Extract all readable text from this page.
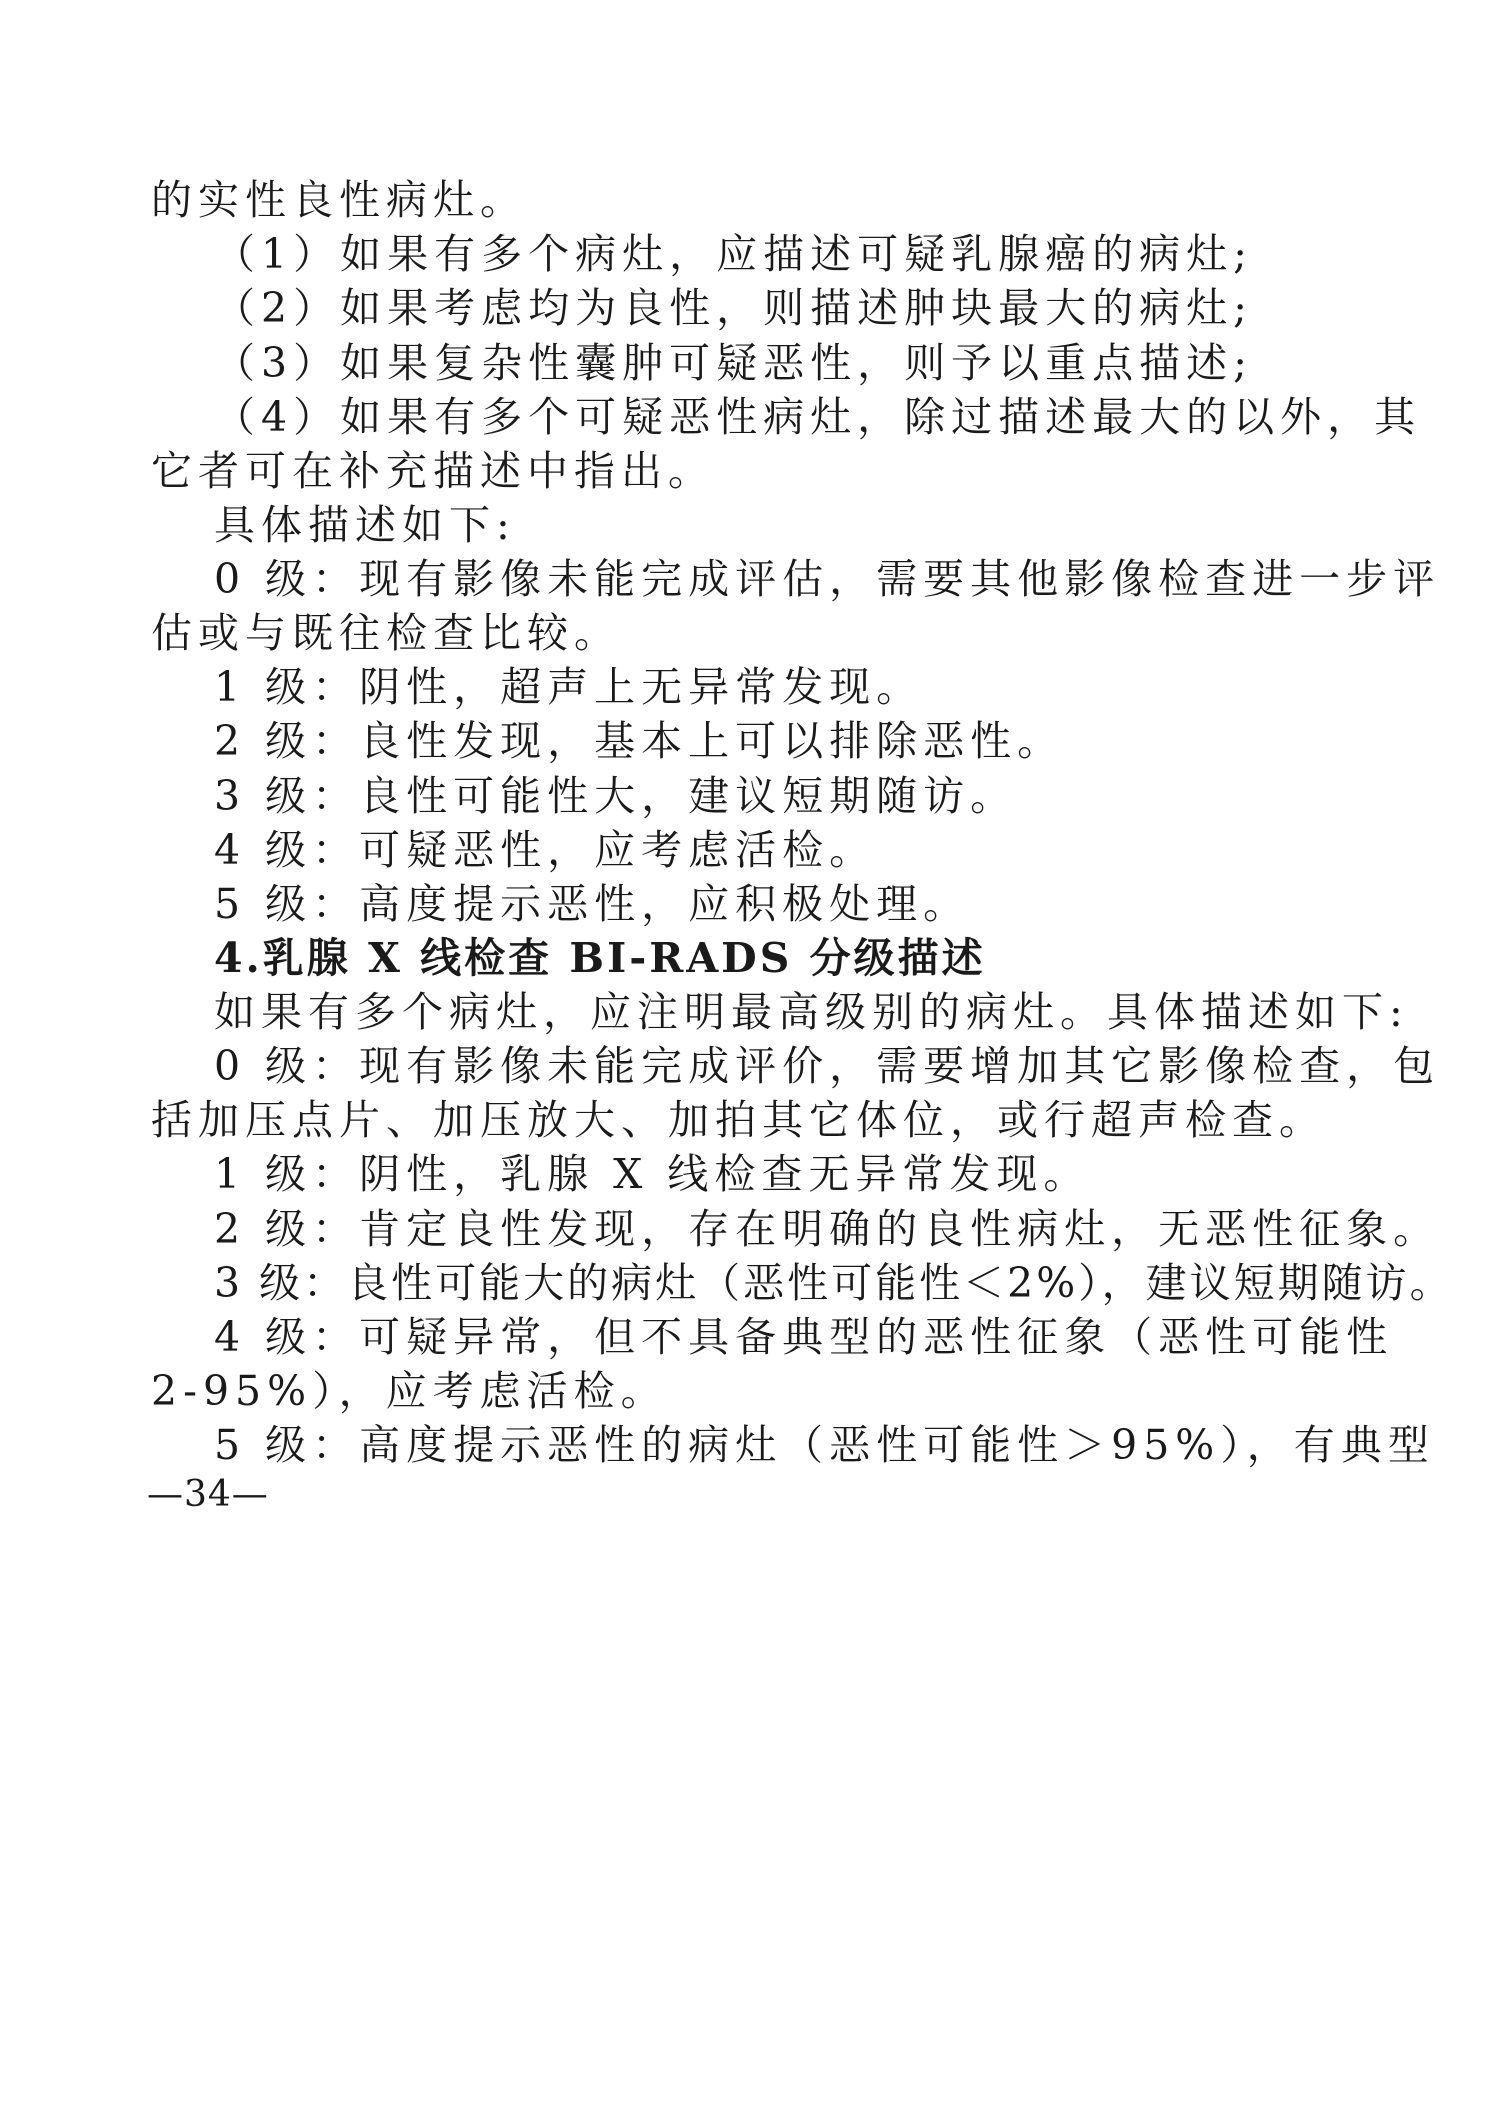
的实性良性病灶。
（1）如果有多个病灶，应描述可疑乳腺癌的病灶;
（2）如果考虑均为良性，则描述肿块最大的病灶;
（3）如果复杂性囊肿可疑恶性，则予以重点描述;
（4）如果有多个可疑恶性病灶，除过描述最大的以外，其
它者可在补充描述中指出。
具体描述如下:
0 级：现有影像未能完成评估，需要其他影像检查进一步评
估或与既往检查比较。
1 级：阴性，超声上无异常发现。
2 级：良性发现，基本上可以排除恶性。
3 级：良性可能性大，建议短期随访。
4 级：可疑恶性，应考虑活检。
5 级：高度提示恶性，应积极处理。
4.乳腺 X 线检查 BI-RADS 分级描述
如果有多个病灶，应注明最高级别的病灶。具体描述如下:
0 级：现有影像未能完成评价，需要增加其它影像检查，包
括加压点片、加压放大、加拍其它体位，或行超声检查。
1 级：阴性，乳腺 X 线检查无异常发现。
2 级：肯定良性发现，存在明确的良性病灶，无恶性征象。
3 级：良性可能大的病灶（恶性可能性＜2%），建议短期随访。
4 级：可疑异常，但不具备典型的恶性征象（恶性可能性
2-95%），应考虑活检。
5 级：高度提示恶性的病灶（恶性可能性＞95%），有典型
—34—
